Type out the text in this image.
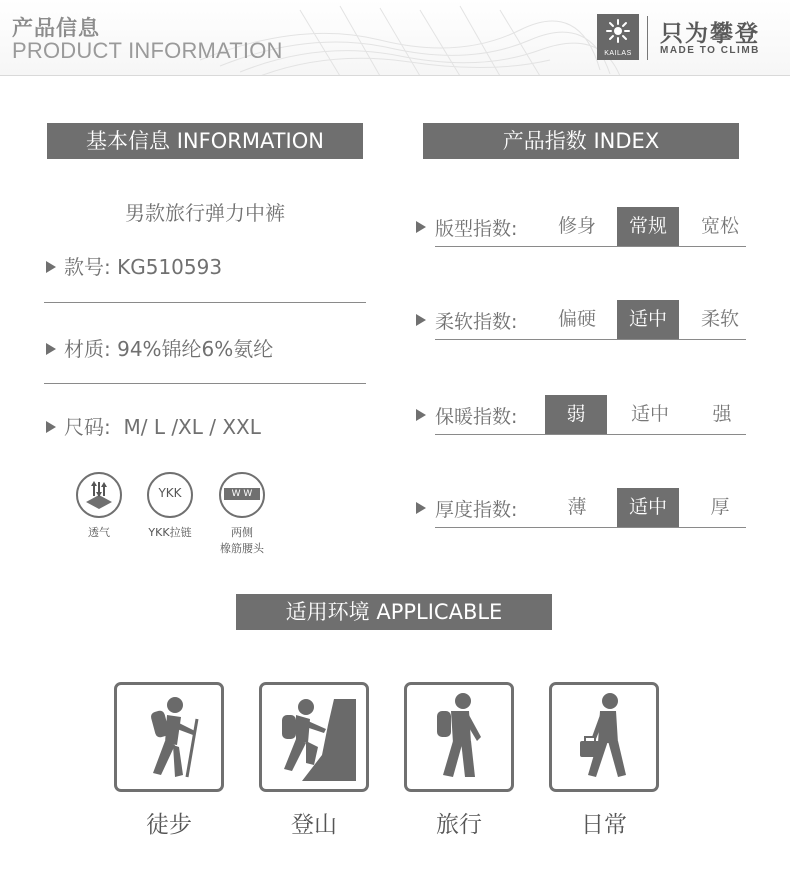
产品信息
PRODUCT INFORMATION	KAILAS
只为攀登
MADE TO CLIMB
基本信息 INFORMATION
男款旅行弹力中裤
款号: KG510593
材质: 94%锦纶6%氨纶
尺码: M/ L /XL / XXL
透气
YKK
YKK拉链
W W
两侧
橡筋腰头
产品指数 INDEX
版型指数:	修身	常规	宽松
柔软指数:	偏硬	适中	柔软
保暖指数:	弱	适中	强
厚度指数:	薄	适中	厚
适用环境 APPLICABLE
徒步	登山	旅行	日常
